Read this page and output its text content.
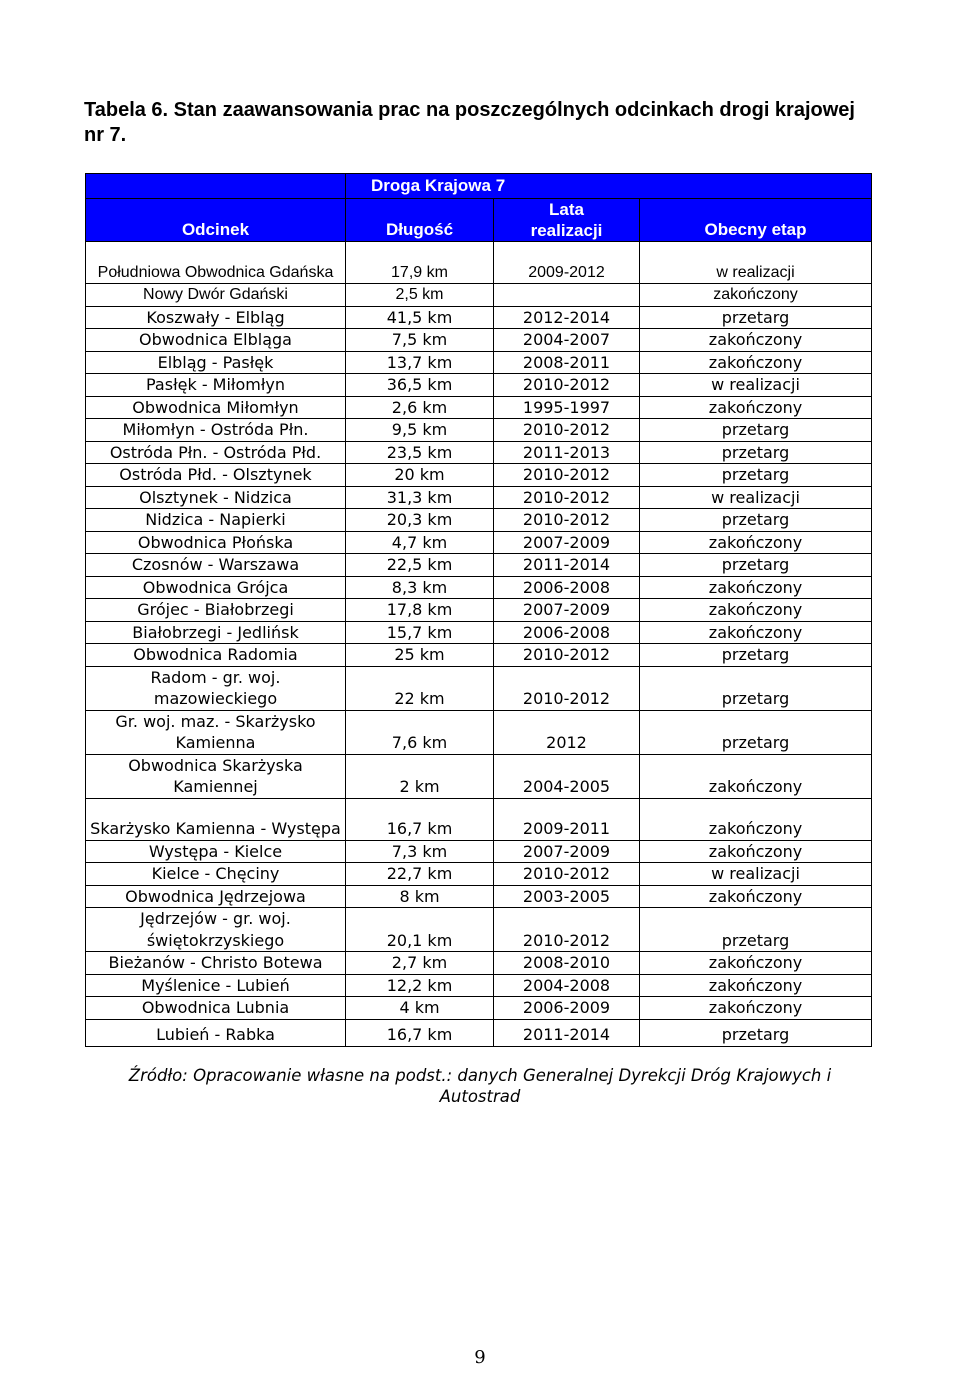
Tabela 6. Stan zaawansowania prac na poszczególnych odcinkach drogi krajowej nr 7.
	Droga Krajowa 7		
Odcinek	Długość	Lata realizacji	Obecny etap
Południowa Obwodnica Gdańska	17,9 km	2009-2012	w realizacji
Nowy Dwór Gdański	2,5 km		zakończony
Koszwały - Elbląg	41,5 km	2012-2014	przetarg
Obwodnica Elbląga	7,5 km	2004-2007	zakończony
Elbląg - Pasłęk	13,7 km	2008-2011	zakończony
Pasłęk - Miłomłyn	36,5 km	2010-2012	w realizacji
Obwodnica Miłomłyn	2,6 km	1995-1997	zakończony
Miłomłyn - Ostróda Płn.	9,5 km	2010-2012	przetarg
Ostróda Płn. - Ostróda Płd.	23,5 km	2011-2013	przetarg
Ostróda Płd. - Olsztynek	20 km	2010-2012	przetarg
Olsztynek - Nidzica	31,3 km	2010-2012	w realizacji
Nidzica - Napierki	20,3 km	2010-2012	przetarg
Obwodnica Płońska	4,7 km	2007-2009	zakończony
Czosnów - Warszawa	22,5 km	2011-2014	przetarg
Obwodnica Grójca	8,3 km	2006-2008	zakończony
Grójec - Białobrzegi	17,8 km	2007-2009	zakończony
Białobrzegi - Jedlińsk	15,7 km	2006-2008	zakończony
Obwodnica Radomia	25 km	2010-2012	przetarg
Radom - gr. woj. mazowieckiego	22 km	2010-2012	przetarg
Gr. woj. maz. - Skarżysko Kamienna	7,6 km	2012	przetarg
Obwodnica Skarżyska Kamiennej	2 km	2004-2005	zakończony
Skarżysko Kamienna - Występa	16,7 km	2009-2011	zakończony
Występa - Kielce	7,3 km	2007-2009	zakończony
Kielce - Chęciny	22,7 km	2010-2012	w realizacji
Obwodnica Jędrzejowa	8 km	2003-2005	zakończony
Jędrzejów - gr. woj. świętokrzyskiego	20,1 km	2010-2012	przetarg
Bieżanów - Christo Botewa	2,7 km	2008-2010	zakończony
Myślenice - Lubień	12,2 km	2004-2008	zakończony
Obwodnica Lubnia	4 km	2006-2009	zakończony
Lubień - Rabka	16,7 km	2011-2014	przetarg
Źródło: Opracowanie własne na podst.: danych Generalnej Dyrekcji Dróg Krajowych i Autostrad
9
